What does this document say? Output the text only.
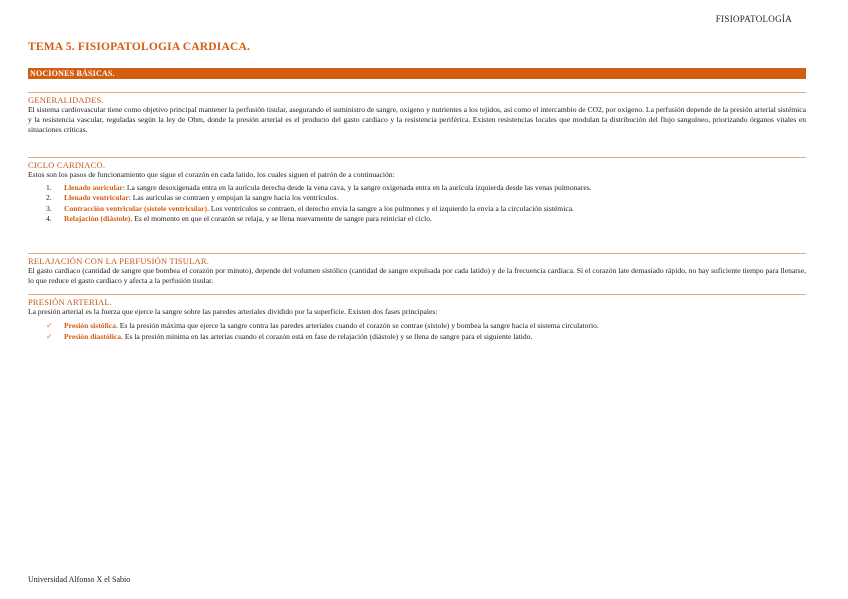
FISIOPATOLOGÍA
TEMA 5. FISIOPATOLOGIA CARDIACA.
NOCIONES BÁSICAS.
GENERALIDADES.

El sistema cardiovascular tiene como objetivo principal mantener la perfusión tisular, asegurando el suministro de sangre, oxígeno y nutrientes a los tejidos, así como el intercambio de CO2, por oxígeno. La perfusión depende de la presión arterial sistémica y la resistencia vascular, reguladas según la ley de Ohm, donde la presión arterial es el producto del gasto cardiaco y la resistencia periférica. Existen resistencias locales que modulan la distribución del flujo sanguíneo, priorizando órganos vitales en situaciones críticas.

CICLO CARDIACO.

Estos son los pasos de funcionamiento que sigue el corazón en cada latido, los cuales siguen el patrón de a continuación:

1. Llenado auricular: La sangre desoxigenada entra en la aurícula derecha desde la vena cava, y la sangre oxigenada entra en la aurícula izquierda desde las venas pulmonares.
2. Llenado ventricular: Las aurículas se contraen y empujan la sangre hacia los ventrículos.
3. Contracción ventricular (sístole ventricular). Los ventrículos se contraen, el derecho envía la sangre a los pulmones y el izquierdo la envía a la circulación sistémica.
4. Relajación (diástole). Es el momento en que el corazón se relaja, y se llena nuevamente de sangre para reiniciar el ciclo.
RELAJACIÓN CON LA PERFUSIÓN TISULAR.

El gasto cardiaco (cantidad de sangre que bombea el corazón por minuto), depende del volumen sistólico (cantidad de sangre expulsada por cada latido) y de la frecuencia cardiaca. Si el corazón late demasiado rápido, no hay suficiente tiempo para llenarse, lo que reduce el gasto cardiaco y afecta a la perfusión tisular.

PRESIÓN ARTERIAL.

La presión arterial es la fuerza que ejerce la sangre sobre las paredes arteriales dividido por la superficie. Existen dos fases principales:

✓ Presión sistólica. Es la presión máxima que ejerce la sangre contra las paredes arteriales cuando el corazón se contrae (sístole) y bombea la sangre hacia el sistema circulatorio.
✓ Presión diastólica. Es la presión mínima en las arterias cuando el corazón está en fase de relajación (diástole) y se llena de sangre para el siguiente latido.
Universidad Alfonso X el Sabio
